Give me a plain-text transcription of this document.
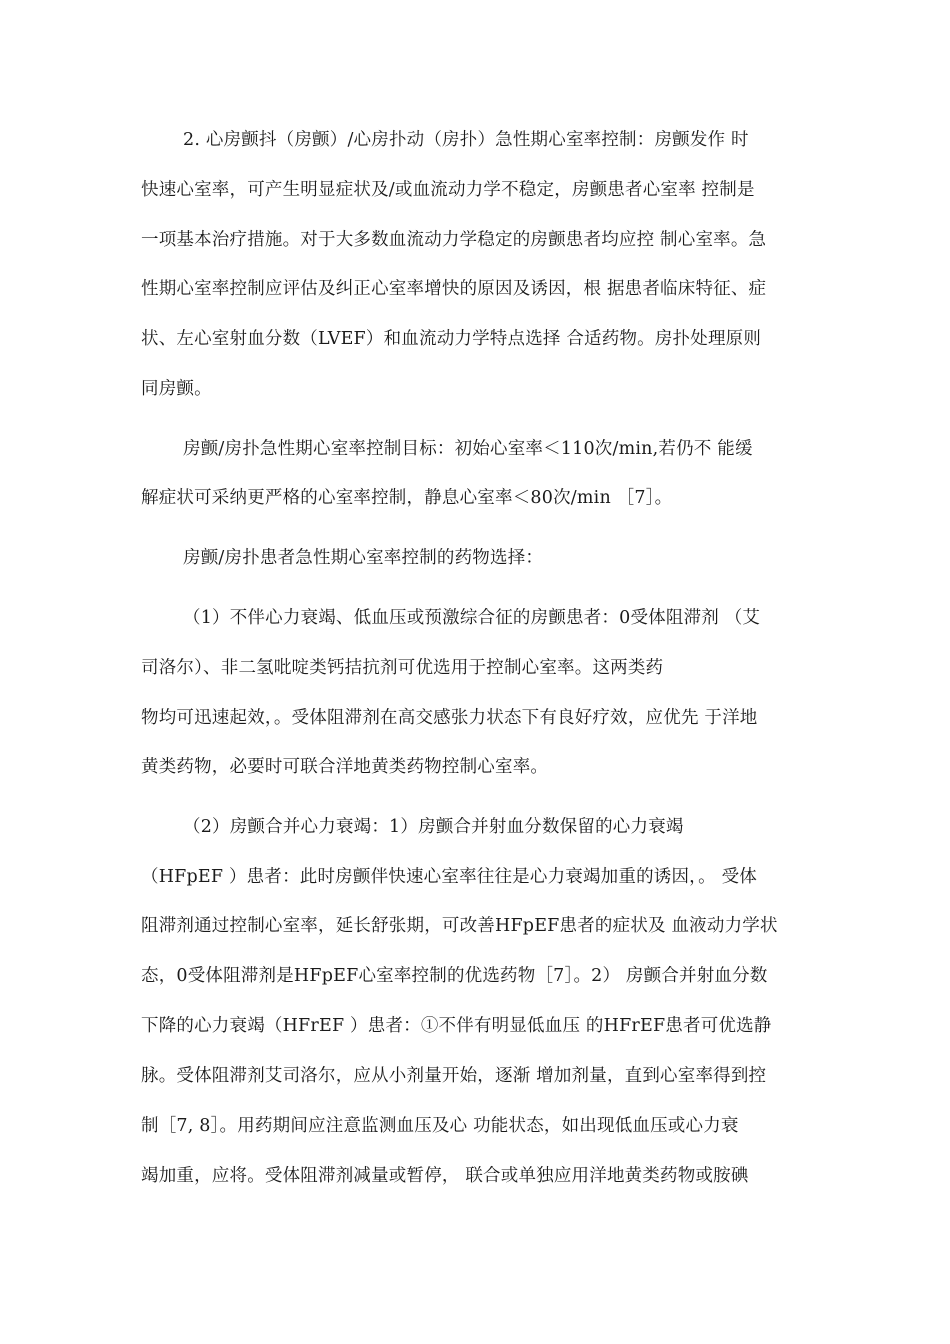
2. 心房颤抖（房颤）/心房扑动（房扑）急性期心室率控制：房颤发作 时
快速心室率，可产生明显症状及/或血流动力学不稳定，房颤患者心室率 控制是
一项基本治疗措施。对于大多数血流动力学稳定的房颤患者均应控 制心室率。急
性期心室率控制应评估及纠正心室率增快的原因及诱因，根 据患者临床特征、症
状、左心室射血分数（LVEF）和血流动力学特点选择 合适药物。房扑处理原则
同房颤。
房颤/房扑急性期心室率控制目标：初始心室率＜110次/min,若仍不 能缓
解症状可采纳更严格的心室率控制，静息心室率＜80次/min ［7］。
房颤/房扑患者急性期心室率控制的药物选择：
（1）不伴心力衰竭、低血压或预激综合征的房颤患者：0受体阻滞剂 （艾
司洛尔）、非二氢吡啶类钙拮抗剂可优选用于控制心室率。这两类药
物均可迅速起效，。受体阻滞剂在高交感张力状态下有良好疗效，应优先 于洋地
黄类药物，必要时可联合洋地黄类药物控制心室率。
（2）房颤合并心力衰竭：1）房颤合并射血分数保留的心力衰竭
（HFpEF ）患者：此时房颤伴快速心室率往往是心力衰竭加重的诱因，。 受体
阻滞剂通过控制心室率，延长舒张期，可改善HFpEF患者的症状及 血液动力学状
态，0受体阻滞剂是HFpEF心室率控制的优选药物［7］。2） 房颤合并射血分数
下降的心力衰竭（HFrEF ）患者：①不伴有明显低血压 的HFrEF患者可优选静
脉。受体阻滞剂艾司洛尔，应从小剂量开始，逐渐 增加剂量，直到心室率得到控
制［7, 8］。用药期间应注意监测血压及心 功能状态，如出现低血压或心力衰
竭加重，应将。受体阻滞剂减量或暂停， 联合或单独应用洋地黄类药物或胺碘
